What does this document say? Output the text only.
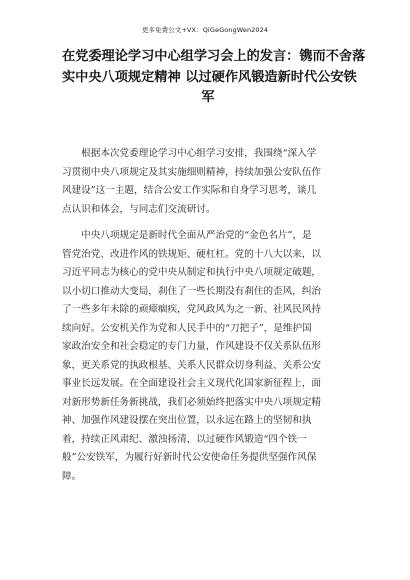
更多免费公文+VX：QiGeGongWen2024
在党委理论学习中心组学习会上的发言：镌而不舍落
实中央八项规定精神 以过硬作风锻造新时代公安铁
军
　　根据本次党委理论学习中心组学习安排，我围绕“深入学
习贯彻中央八项规定及其实施细则精神，持续加强公安队伍作
风建设”这一主题，结合公安工作实际和自身学习思考，谈几
点认识和体会，与同志们交流研讨。
　　中央八项规定是新时代全面从严治党的“金色名片”，是
管党治党、改进作风的铁规矩、硬杠杠。党的十八大以来，以
习近平同志为核心的党中央从制定和执行中央八项规定破题，
以小切口推动大变局，刹住了一些长期没有刹住的歪风，纠治
了一些多年未除的顽瘴痼疾，党风政风为之一新、社风民风持
续向好。公安机关作为党和人民手中的“刀把子”，是维护国
家政治安全和社会稳定的专门力量，作风建设不仅关系队伍形
象，更关系党的执政根基、关系人民群众切身利益、关系公安
事业长远发展。在全面建设社会主义现代化国家新征程上，面
对新形势新任务新挑战，我们必须始终把落实中央八项规定精
神、加强作风建设摆在突出位置，以永远在路上的坚韧和执
着，持续正风肃纪、激浊扬清，以过硬作风锻造“四个铁一
般”公安铁军，为履行好新时代公安使命任务提供坚强作风保
障。
